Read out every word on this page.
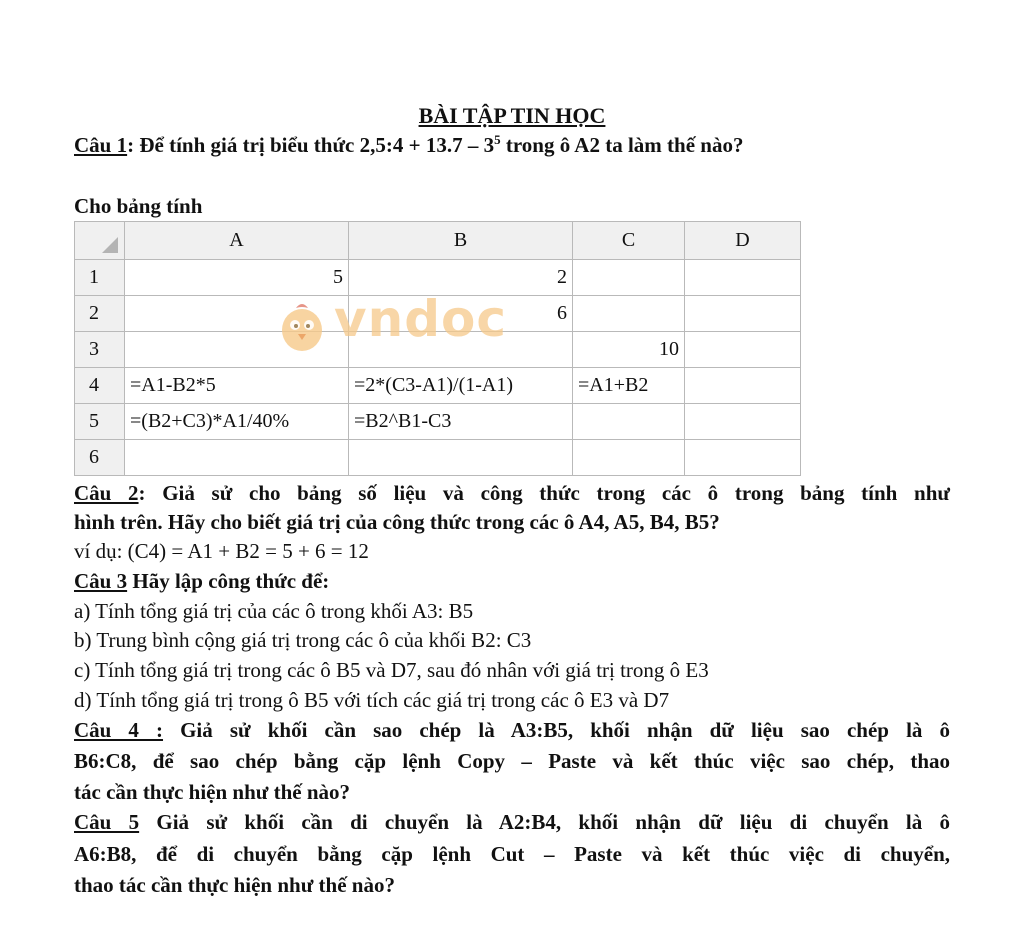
BÀI TẬP TIN HỌC
Câu 1: Để tính giá trị biểu thức 2,5:4 + $13.7 - 3^5$ trong ô A2 ta làm thế nào?
Cho bảng tính
	A	B	C	D
1	5	2		
2		6		
3			10	
4	=A1-B2*5	=2*(C3-A1)/(1-A1)	=A1+B2	
5	=(B2+C3)*A1/40%	=B2^B1-C3		
6				
vndoc
Câu 2: Giả sử cho bảng số liệu và công thức trong các ô trong bảng tính như
hình trên. Hãy cho biết giá trị của công thức trong các ô A4, A5, B4, B5?
ví dụ: (C4) = A1 + B2 = 5 + 6 = 12
Câu 3 Hãy lập công thức để:
a) Tính tổng giá trị của các ô trong khối A3: B5
b) Trung bình cộng giá trị trong các ô của khối B2: C3
c) Tính tổng giá trị trong các ô B5 và D7, sau đó nhân với giá trị trong ô E3
d) Tính tổng giá trị trong ô B5 với tích các giá trị trong các ô E3 và D7
Câu 4 : Giả sử khối cần sao chép là A3:B5, khối nhận dữ liệu sao chép là ô
B6:C8, để sao chép bằng cặp lệnh Copy – Paste và kết thúc việc sao chép, thao
tác cần thực hiện như thế nào?
Câu 5 Giả sử khối cần di chuyển là A2:B4, khối nhận dữ liệu di chuyển là ô
A6:B8, để di chuyển bằng cặp lệnh Cut – Paste và kết thúc việc di chuyển,
thao tác cần thực hiện như thế nào?
